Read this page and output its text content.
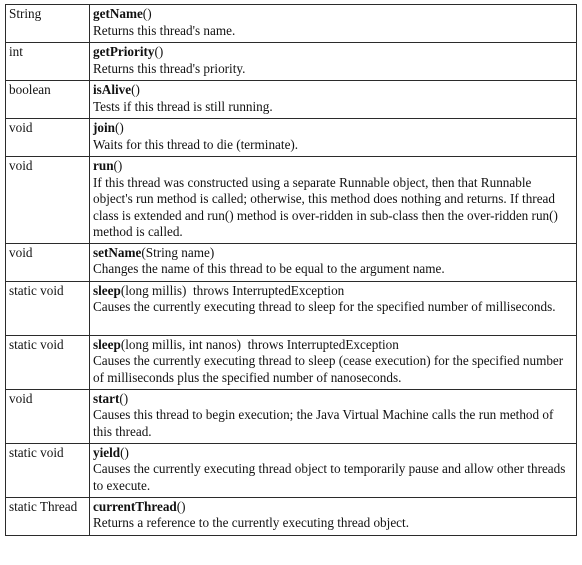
String	getName()
Returns this thread's name.

int	getPriority()
Returns this thread's priority.

boolean	isAlive()
Tests if this thread is still running.

void	join()
Waits for this thread to die (terminate).

void	run()
If this thread was constructed using a separate Runnable object, then that Runnable object's run method is called; otherwise, this method does nothing and returns. If thread class is extended and run() method is over-ridden in sub-class then the over-ridden run() method is called.

void	setName(String name)
Changes the name of this thread to be equal to the argument name.

static void	sleep(long millis)  throws InterruptedException
Causes the currently executing thread to sleep for the specified number of milliseconds.

static void	sleep(long millis, int nanos)  throws InterruptedException
Causes the currently executing thread to sleep (cease execution) for the specified number of milliseconds plus the specified number of nanoseconds.

void	start()
Causes this thread to begin execution; the Java Virtual Machine calls the run method of this thread.

static void	yield()
Causes the currently executing thread object to temporarily pause and allow other threads to execute.

static Thread	currentThread()
Returns a reference to the currently executing thread object.
